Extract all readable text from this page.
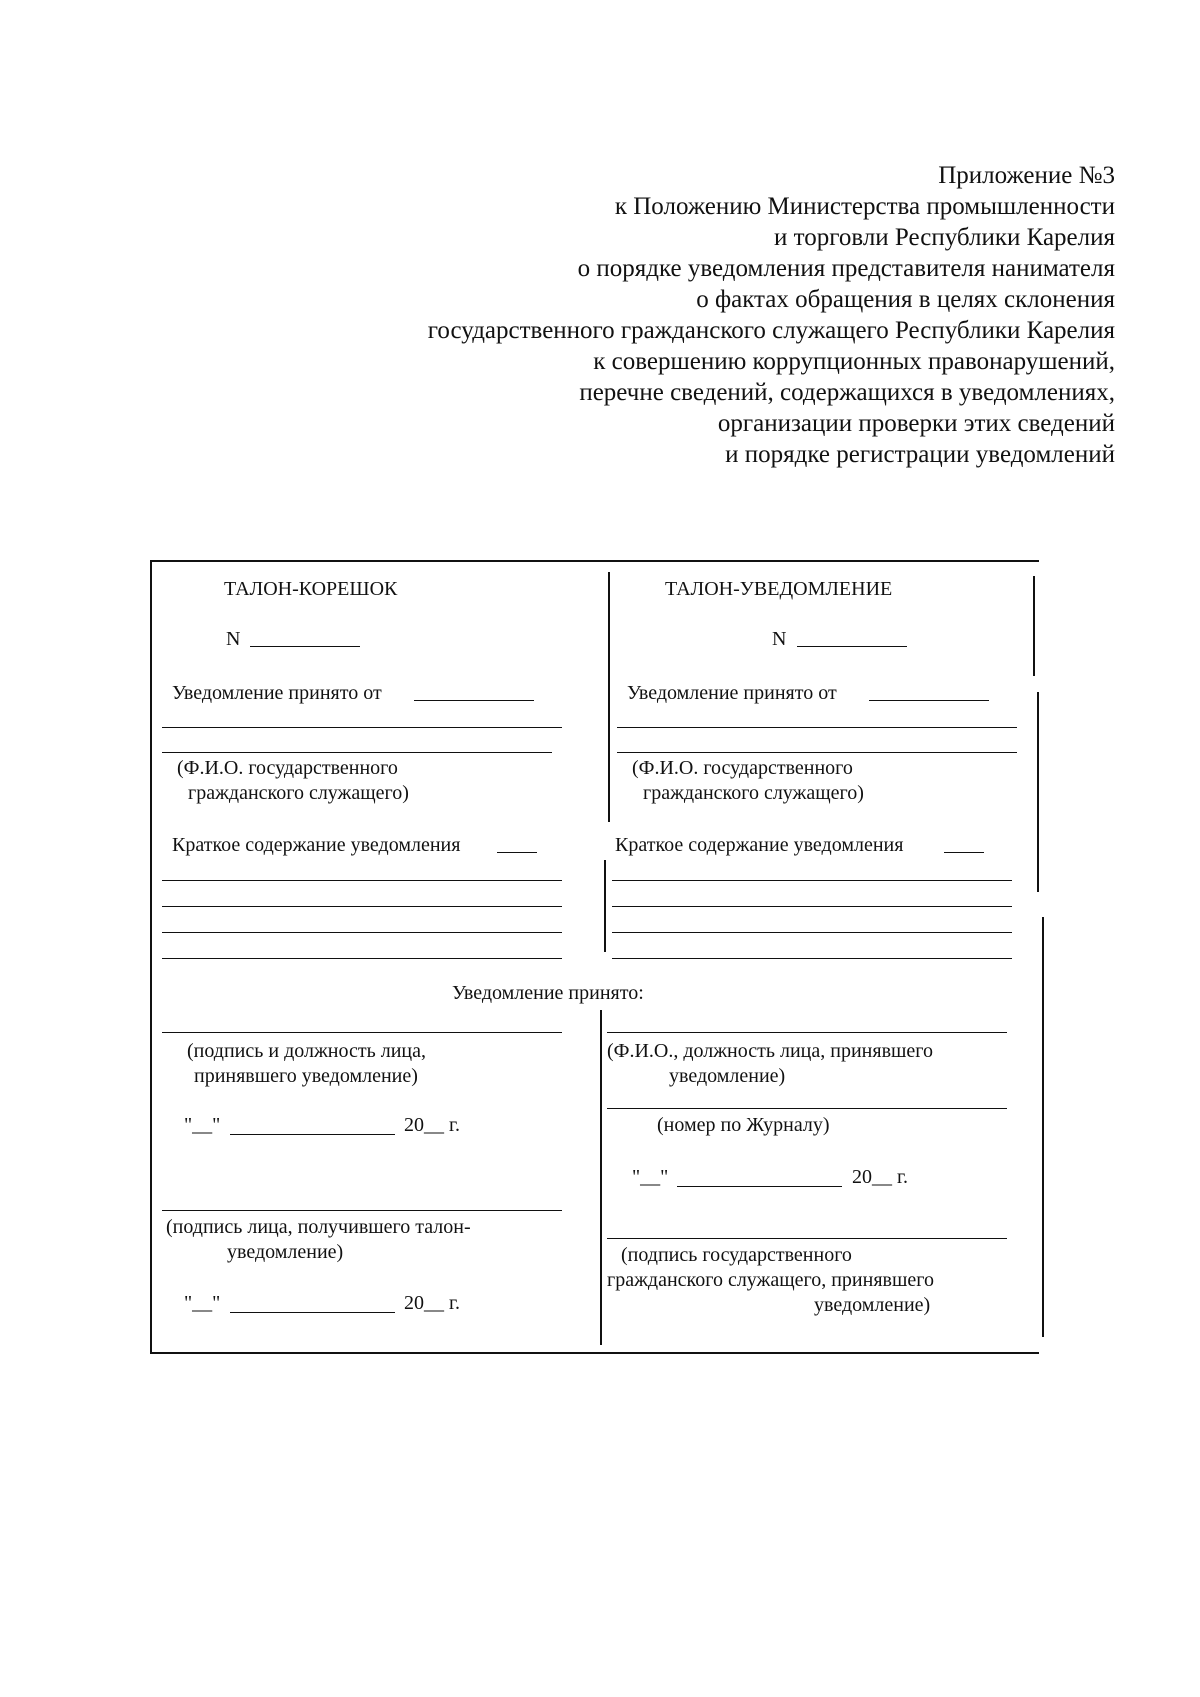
Приложение №3
к Положению Министерства промышленности
и торговли Республики Карелия
о порядке уведомления представителя нанимателя
о фактах обращения в целях склонения
государственного гражданского служащего Республики Карелия
к совершению коррупционных правонарушений,
перечне сведений, содержащихся в уведомлениях,
организации проверки этих сведений
и порядке регистрации уведомлений
ТАЛОН-КОРЕШОК
N
Уведомление принято от
(Ф.И.О. государственного
гражданского служащего)
Краткое содержание уведомления
(подпись и должность лица,
принявшего уведомление)
"__"	20__ г.
(подпись лица, получившего талон-
уведомление)
"__"	20__ г.
Уведомление принято:
ТАЛОН-УВЕДОМЛЕНИЕ
N
Уведомление принято от
(Ф.И.О. государственного
гражданского служащего)
Краткое содержание уведомления
(Ф.И.О., должность лица, принявшего
уведомление)
(номер по Журналу)
"__"	20__ г.
(подпись государственного
гражданского служащего, принявшего
уведомление)
